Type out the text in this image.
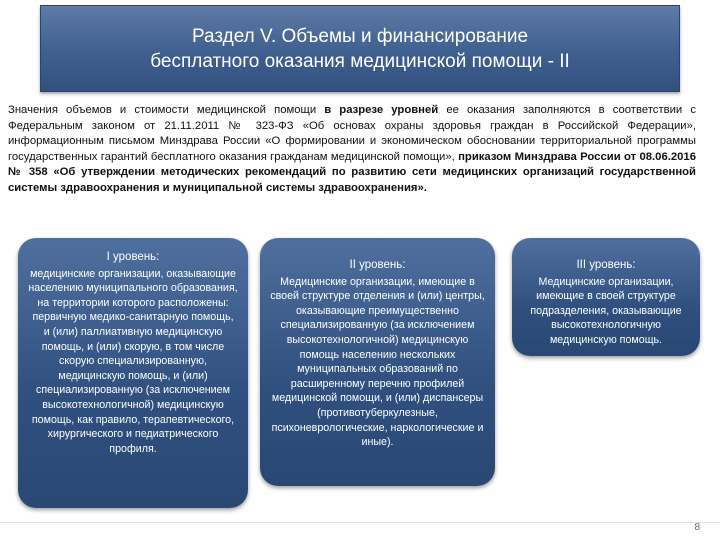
Раздел V. Объемы и финансирование
бесплатного оказания медицинской помощи - II
Значения объемов и стоимости медицинской помощи в разрезе уровней ее оказания заполняются в соответствии с Федеральным законом от 21.11.2011 № 323-ФЗ «Об основах охраны здоровья граждан в Российской Федерации», информационным письмом Минздрава России «О формировании и экономическом обосновании территориальной программы государственных гарантий бесплатного оказания гражданам медицинской помощи», приказом Минздрава России от 08.06.2016 № 358 «Об утверждении методических рекомендаций по развитию сети медицинских организаций государственной системы здравоохранения и муниципальной системы здравоохранения».
I уровень:
медицинские организации, оказывающие населению муниципального образования, на территории которого расположены: первичную медико-санитарную помощь, и (или) паллиативную медицинскую помощь, и (или) скорую, в том числе скорую специализированную, медицинскую помощь, и (или) специализированную (за исключением высокотехнологичной) медицинскую помощь, как правило, терапевтического, хирургического и педиатрического профиля.
II уровень:
Медицинские организации, имеющие в своей структуре отделения и (или) центры, оказывающие преимущественно специализированную (за исключением высокотехнологичной) медицинскую помощь населению нескольких муниципальных образований по расширенному перечню профилей медицинской помощи, и (или) диспансеры (противотуберкулезные, психоневрологические, наркологические и иные).
III уровень:
Медицинские организации, имеющие в своей структуре подразделения, оказывающие высокотехнологичную медицинскую помощь.
8
